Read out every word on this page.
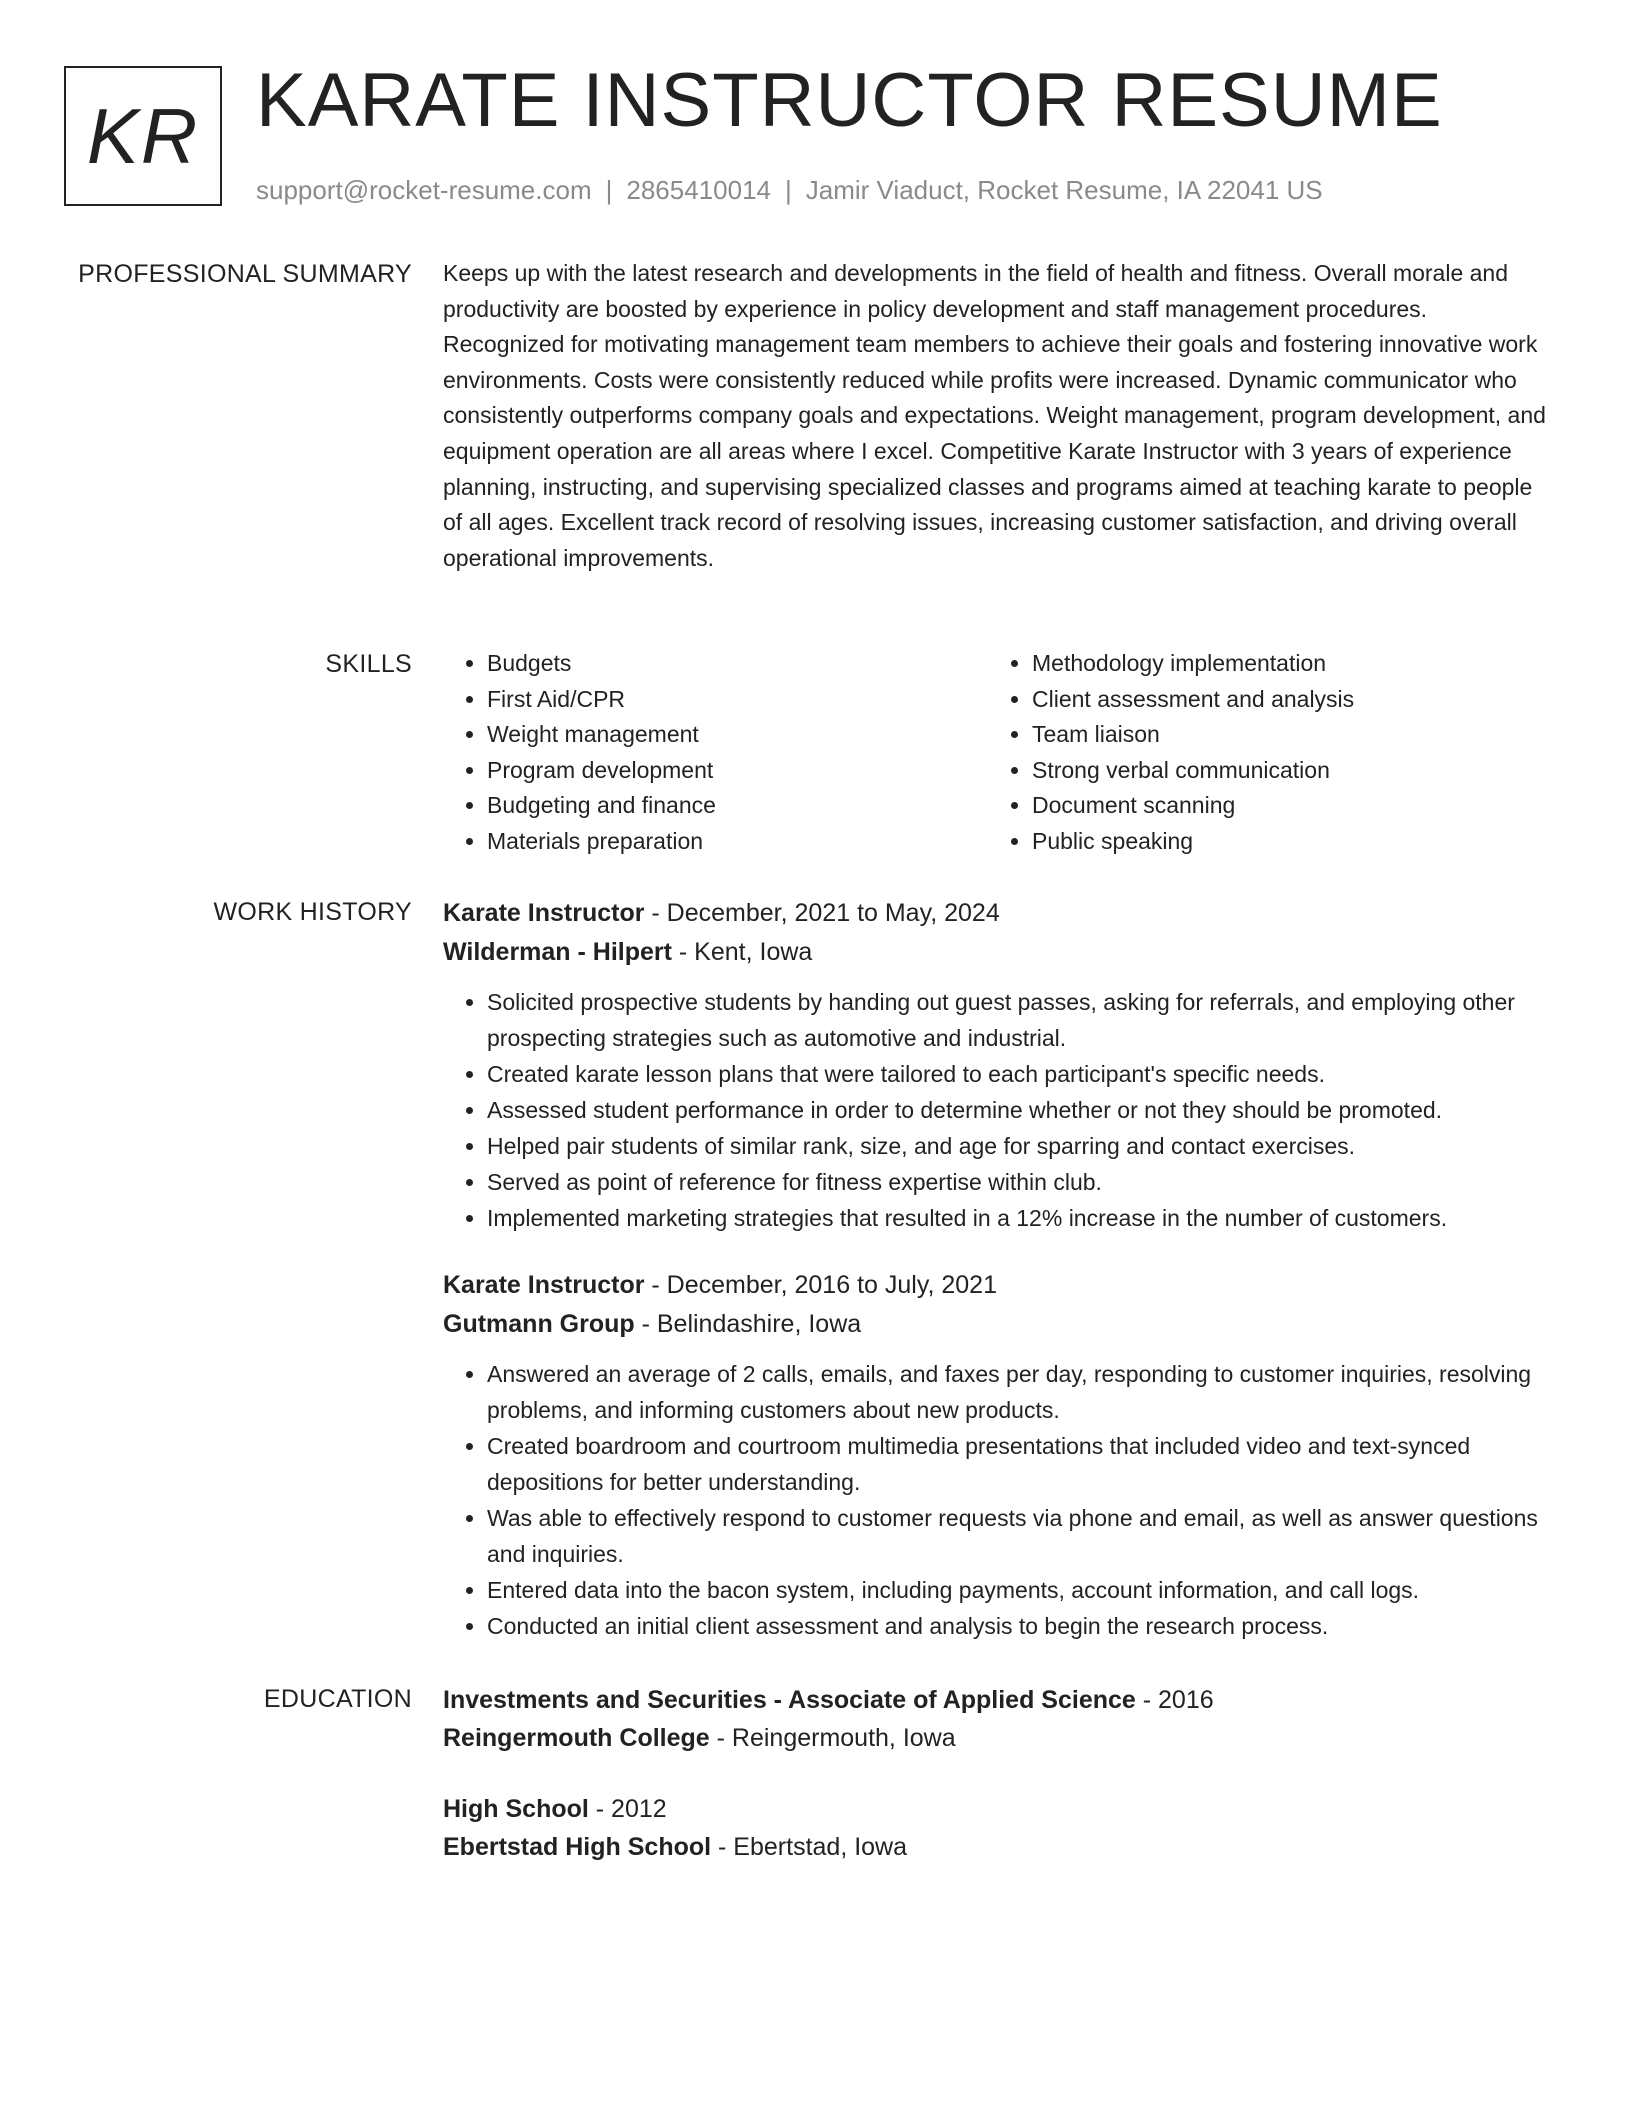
KR KARATE INSTRUCTOR RESUME
support@rocket-resume.com | 2865410014 | Jamir Viaduct, Rocket Resume, IA 22041 US
PROFESSIONAL SUMMARY Keeps up with the latest research and developments in the field of health and fitness. Overall morale and productivity are boosted by experience in policy development and staff management procedures. Recognized for motivating management team members to achieve their goals and fostering innovative work environments. Costs were consistently reduced while profits were increased. Dynamic communicator who consistently outperforms company goals and expectations. Weight management, program development, and equipment operation are all areas where I excel. Competitive Karate Instructor with 3 years of experience planning, instructing, and supervising specialized classes and programs aimed at teaching karate to people of all ages. Excellent track record of resolving issues, increasing customer satisfaction, and driving overall operational improvements.

SKILLS
•	Budgets
• First Aid/CPR
• Weight management
• Program development
• Budgeting and finance
• Materials preparation
• Methodology implementation
• Client assessment and analysis
• Team liaison
• Strong verbal communication
• Document scanning
• Public speaking
WORK HISTORY Karate Instructor - December, 2021 to May, 2024
Wilderman - Hilpert - Kent, Iowa
• Solicited prospective students by handing out guest passes, asking for referrals, and employing other prospecting strategies such as automotive and industrial.
• Created karate lesson plans that were tailored to each participant's specific needs.
• Assessed student performance in order to determine whether or not they should be promoted.
• Helped pair students of similar rank, size, and age for sparring and contact exercises.
• Served as point of reference for fitness expertise within club.
• Implemented marketing strategies that resulted in a 12% increase in the number of customers.
Karate Instructor - December, 2016 to July, 2021
Gutmann Group - Belindashire, Iowa
• Answered an average of 2 calls, emails, and faxes per day, responding to customer inquiries, resolving problems, and informing customers about new products.
• Created boardroom and courtroom multimedia presentations that included video and text-synced depositions for better understanding.
• Was able to effectively respond to customer requests via phone and email, as well as answer questions and inquiries.
• Entered data into the bacon system, including payments, account information, and call logs.
• Conducted an initial client assessment and analysis to begin the research process.
EDUCATION Investments and Securities - Associate of Applied Science - 2016
Reingermouth College - Reingermouth, Iowa
High School - 2012
Ebertstad High School - Ebertstad, Iowa
